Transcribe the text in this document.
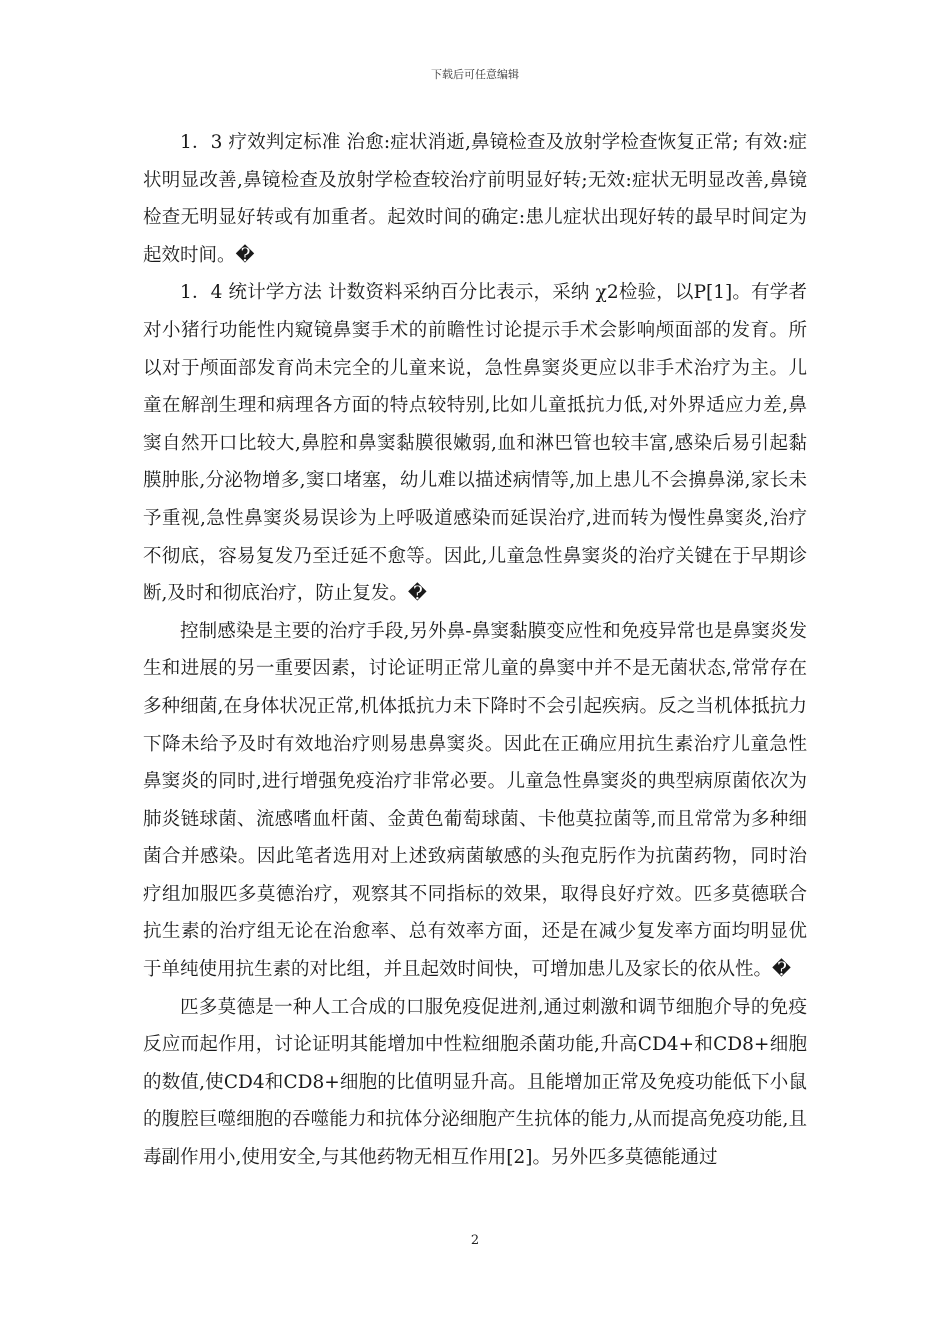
下载后可任意编辑

1．3 疗效判定标准 治愈:症状消逝,鼻镜检查及放射学检查恢复正常; 有效:症状明显改善,鼻镜检查及放射学检查较治疗前明显好转;无效:症状无明显改善,鼻镜检查无明显好转或有加重者。起效时间的确定:患儿症状出现好转的最早时间定为起效时间。�

1．4 统计学方法 计数资料采纳百分比表示，采纳 χ2检验，以P[1]。有学者对小猪行功能性内窥镜鼻窦手术的前瞻性讨论提示手术会影响颅面部的发育。所以对于颅面部发育尚未完全的儿童来说，急性鼻窦炎更应以非手术治疗为主。儿童在解剖生理和病理各方面的特点较特别,比如儿童抵抗力低,对外界适应力差,鼻窦自然开口比较大,鼻腔和鼻窦黏膜很嫩弱,血和淋巴管也较丰富,感染后易引起黏膜肿胀,分泌物增多,窦口堵塞，幼儿难以描述病情等,加上患儿不会擤鼻涕,家长未予重视,急性鼻窦炎易误诊为上呼吸道感染而延误治疗,进而转为慢性鼻窦炎,治疗不彻底，容易复发乃至迁延不愈等。因此,儿童急性鼻窦炎的治疗关键在于早期诊断,及时和彻底治疗，防止复发。�

控制感染是主要的治疗手段,另外鼻-鼻窦黏膜变应性和免疫异常也是鼻窦炎发生和进展的另一重要因素，讨论证明正常儿童的鼻窦中并不是无菌状态,常常存在多种细菌,在身体状况正常,机体抵抗力未下降时不会引起疾病。反之当机体抵抗力下降未给予及时有效地治疗则易患鼻窦炎。因此在正确应用抗生素治疗儿童急性鼻窦炎的同时,进行增强免疫治疗非常必要。儿童急性鼻窦炎的典型病原菌依次为肺炎链球菌、流感嗜血杆菌、金黄色葡萄球菌、卡他莫拉菌等,而且常常为多种细菌合并感染。因此笔者选用对上述致病菌敏感的头孢克肟作为抗菌药物，同时治疗组加服匹多莫德治疗，观察其不同指标的效果，取得良好疗效。匹多莫德联合抗生素的治疗组无论在治愈率、总有效率方面，还是在减少复发率方面均明显优于单纯使用抗生素的对比组，并且起效时间快，可增加患儿及家长的依从性。�

匹多莫德是一种人工合成的口服免疫促进剂,通过刺激和调节细胞介导的免疫反应而起作用，讨论证明其能增加中性粒细胞杀菌功能,升高CD4+和CD8+细胞的数值,使CD4和CD8+细胞的比值明显升高。且能增加正常及免疫功能低下小鼠的腹腔巨噬细胞的吞噬能力和抗体分泌细胞产生抗体的能力,从而提高免疫功能,且毒副作用小,使用安全,与其他药物无相互作用[2]。另外匹多莫德能通过

2
